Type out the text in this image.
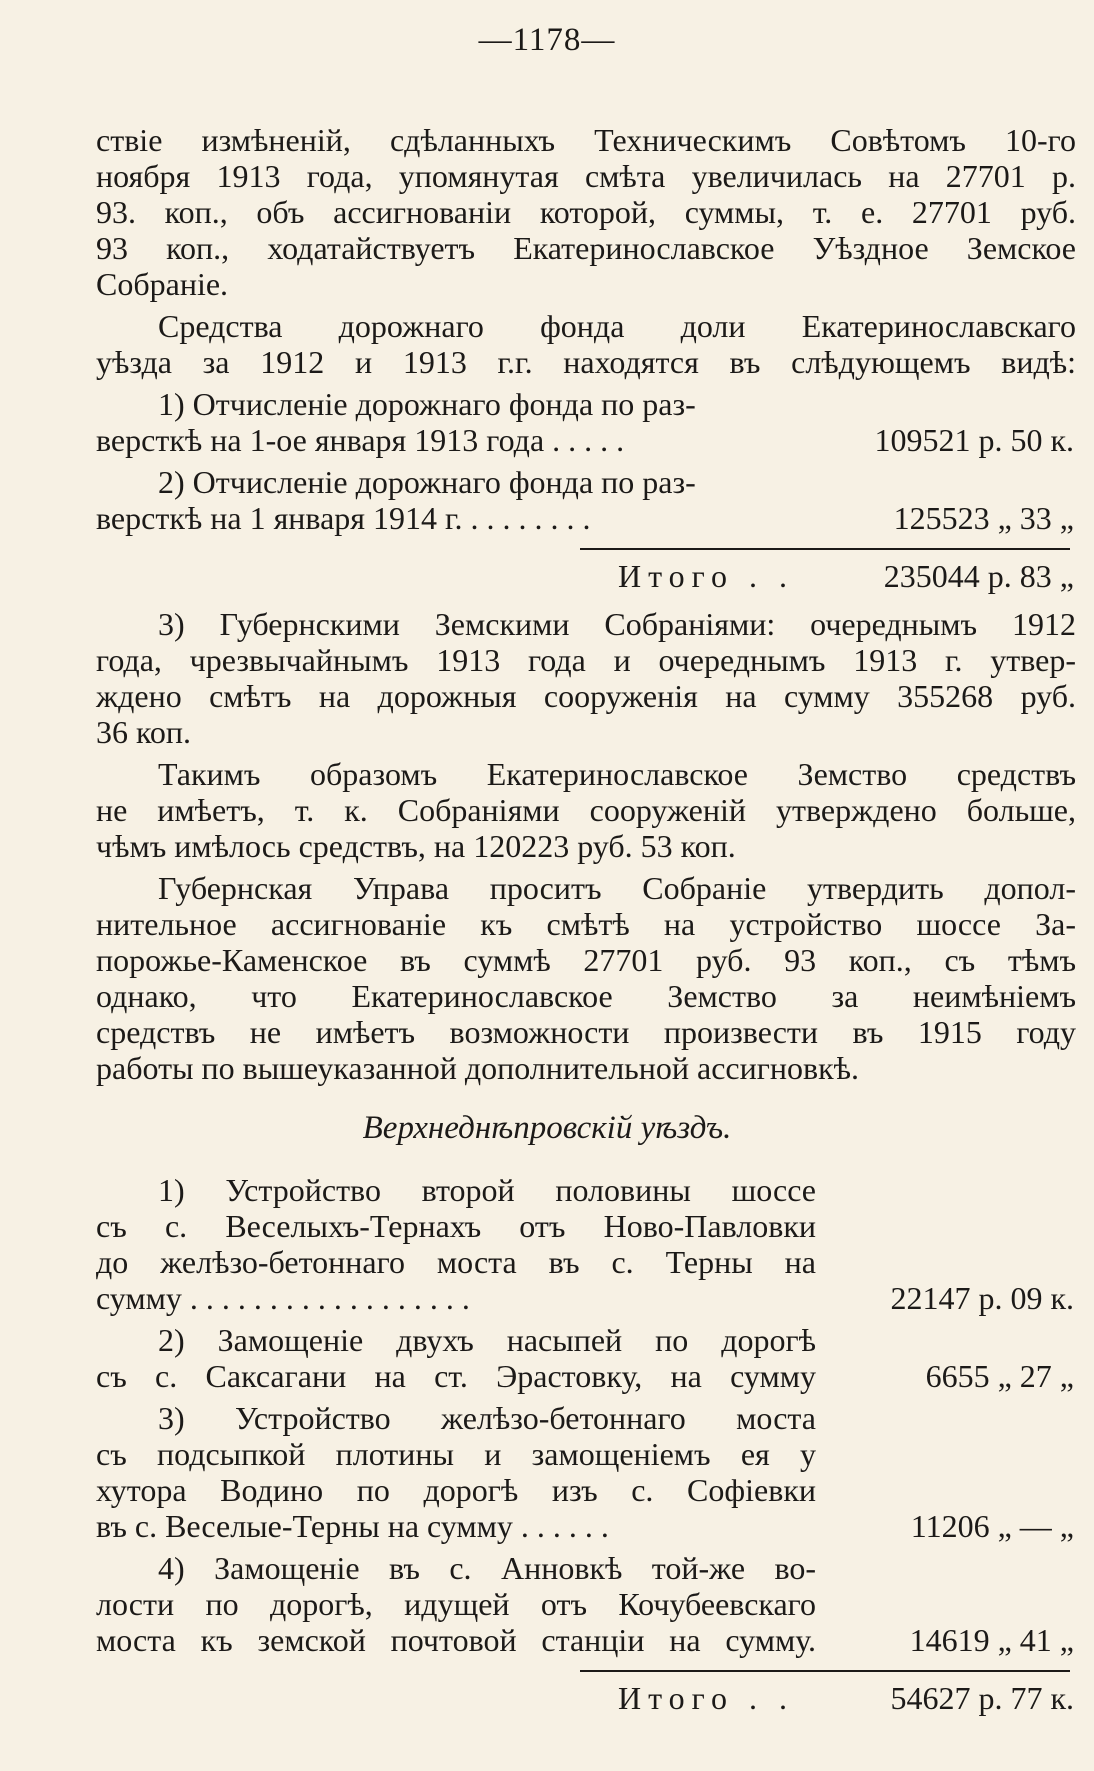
—1178—
ствіе измѣненій, сдѣланныхъ Техническимъ Совѣтомъ 10-го
ноября 1913 года, упомянутая смѣта увеличилась на 27701 р.
93. коп., объ ассигнованіи которой, суммы, т. е. 27701 руб.
93 коп., ходатайствуетъ Екатеринославское Уѣздное Земское
Собраніе.
Средства дорожнаго фонда доли Екатеринославскаго
уѣзда за 1912 и 1913 г.г. находятся въ слѣдующемъ видѣ:
1) Отчисленіе дорожнаго фонда по раз-
версткѣ на 1-ое января 1913 года . . . . .	109521 р. 50 к.
2) Отчисленіе дорожнаго фонда по раз-
версткѣ на 1 января 1914 г. . . . . . . . .	125523 „ 33 „
Итого . .	235044 р. 83 „
3) Губернскими Земскими Собраніями: очереднымъ 1912
года, чрезвычайнымъ 1913 года и очереднымъ 1913 г. утвер-
ждено смѣтъ на дорожныя сооруженія на сумму 355268 руб.
36 коп.
Такимъ образомъ Екатеринославское Земство средствъ
не имѣетъ, т. к. Собраніями сооруженій утверждено больше,
чѣмъ имѣлось средствъ, на 120223 руб. 53 коп.
Губернская Управа проситъ Собраніе утвердить допол-
нительное ассигнованіе къ смѣтѣ на устройство шоссе За-
порожье-Каменское въ суммѣ 27701 руб. 93 коп., съ тѣмъ
однако, что Екатеринославское Земство за неимѣніемъ
средствъ не имѣетъ возможности произвести въ 1915 году
работы по вышеуказанной дополнительной ассигновкѣ.
Верхнеднѣпровскій уѣздъ.
1) Устройство второй половины шоссе
съ с. Веселыхъ-Тернахъ отъ Ново-Павловки
до желѣзо-бетоннаго моста въ с. Терны на
сумму . . . . . . . . . . . . . . . . . .	22147 р. 09 к.
2) Замощеніе двухъ насыпей по дорогѣ
съ с. Саксагани на ст. Эрастовку, на сумму	6655 „ 27 „
3) Устройство желѣзо-бетоннаго моста
съ подсыпкой плотины и замощеніемъ ея у
хутора Водино по дорогѣ изъ с. Софіевки
въ с. Веселые-Терны на сумму . . . . . .	11206 „ — „
4) Замощеніе въ с. Анновкѣ той-же во-
лости по дорогѣ, идущей отъ Кочубеевскаго
моста къ земской почтовой станціи на сумму.	14619 „ 41 „
Итого . .	54627 р. 77 к.
